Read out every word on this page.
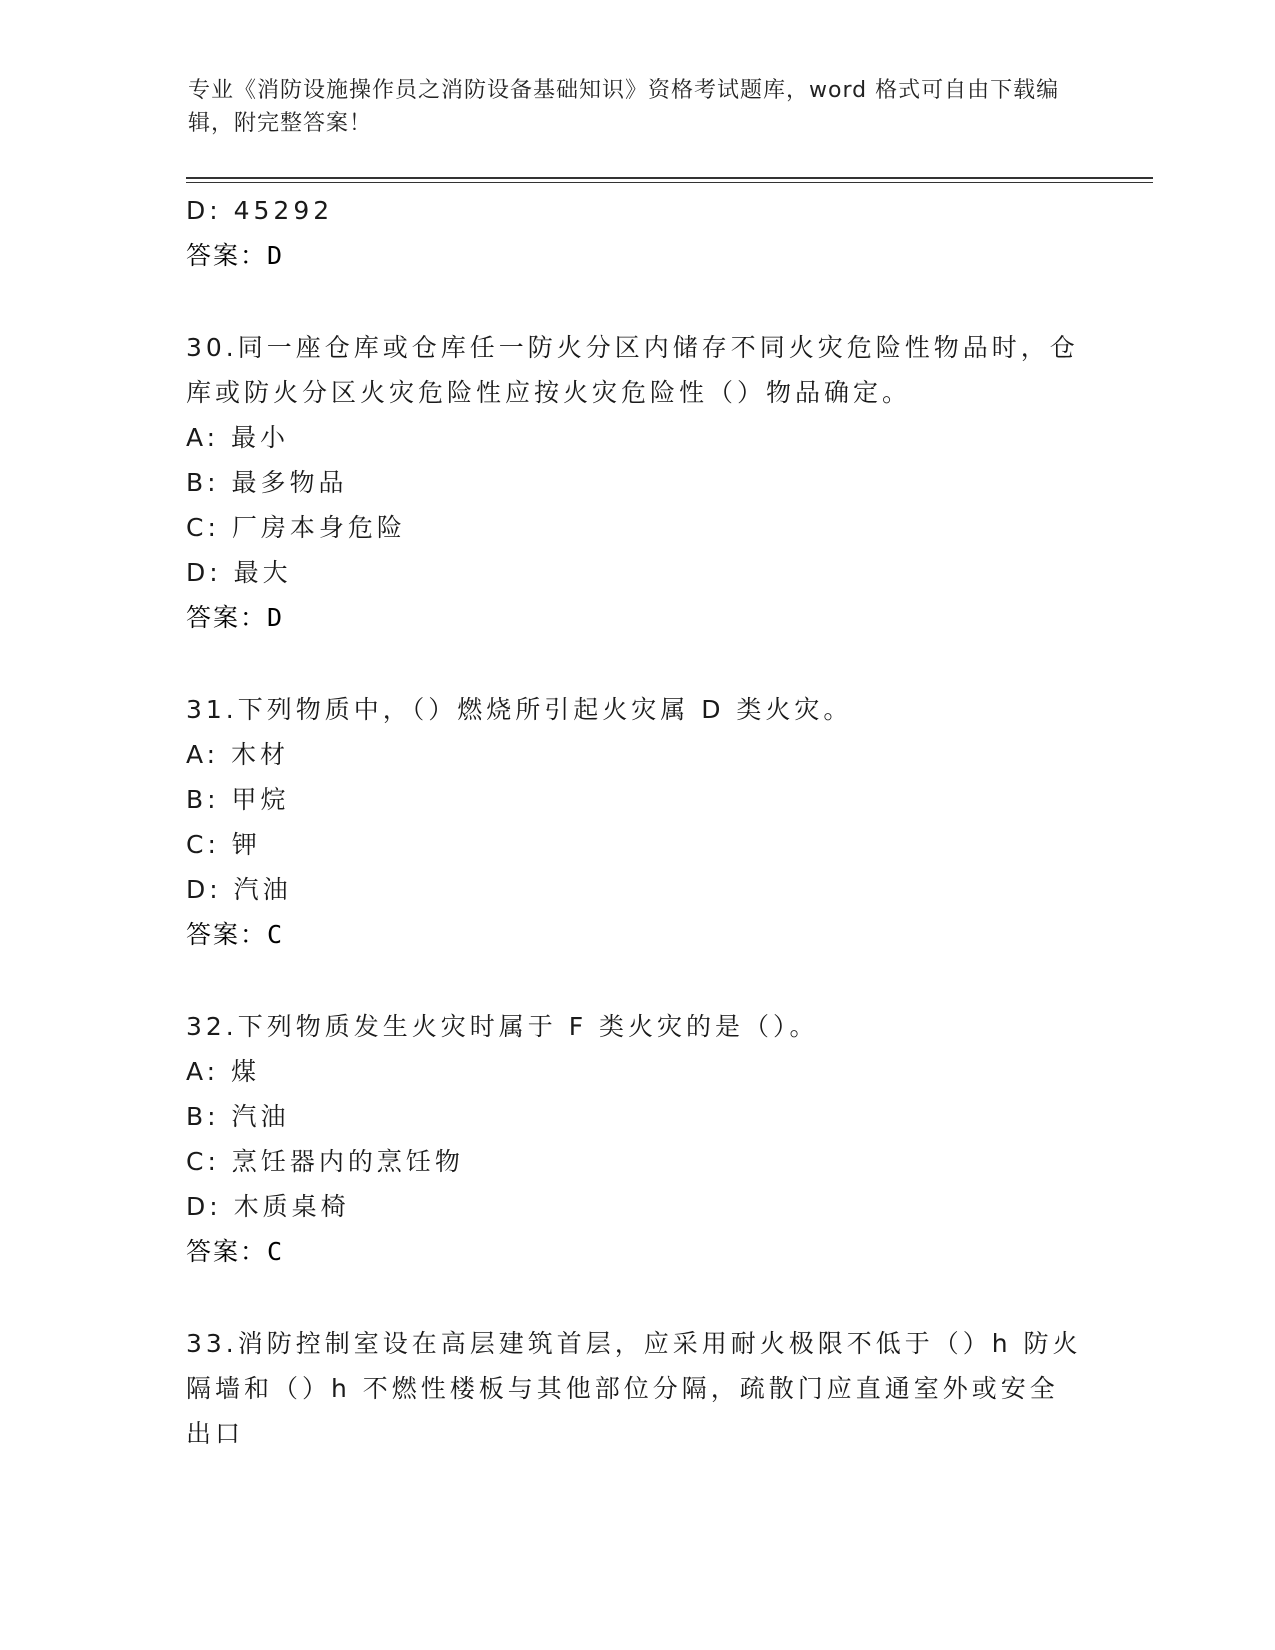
专业《消防设施操作员之消防设备基础知识》资格考试题库，word 格式可自由下载编辑，附完整答案！
D: 45292
答案：D
30.同一座仓库或仓库任一防火分区内储存不同火灾危险性物品时，仓库或防火分区火灾危险性应按火灾危险性（）物品确定。
A: 最小
B: 最多物品
C: 厂房本身危险
D: 最大
答案：D
31.下列物质中，（）燃烧所引起火灾属 D 类火灾。
A: 木材
B: 甲烷
C: 钾
D: 汽油
答案：C
32.下列物质发生火灾时属于 F 类火灾的是（）。
A: 煤
B: 汽油
C: 烹饪器内的烹饪物
D: 木质桌椅
答案：C
33.消防控制室设在高层建筑首层，应采用耐火极限不低于（）h 防火隔墙和（）h 不燃性楼板与其他部位分隔，疏散门应直通室外或安全出口
